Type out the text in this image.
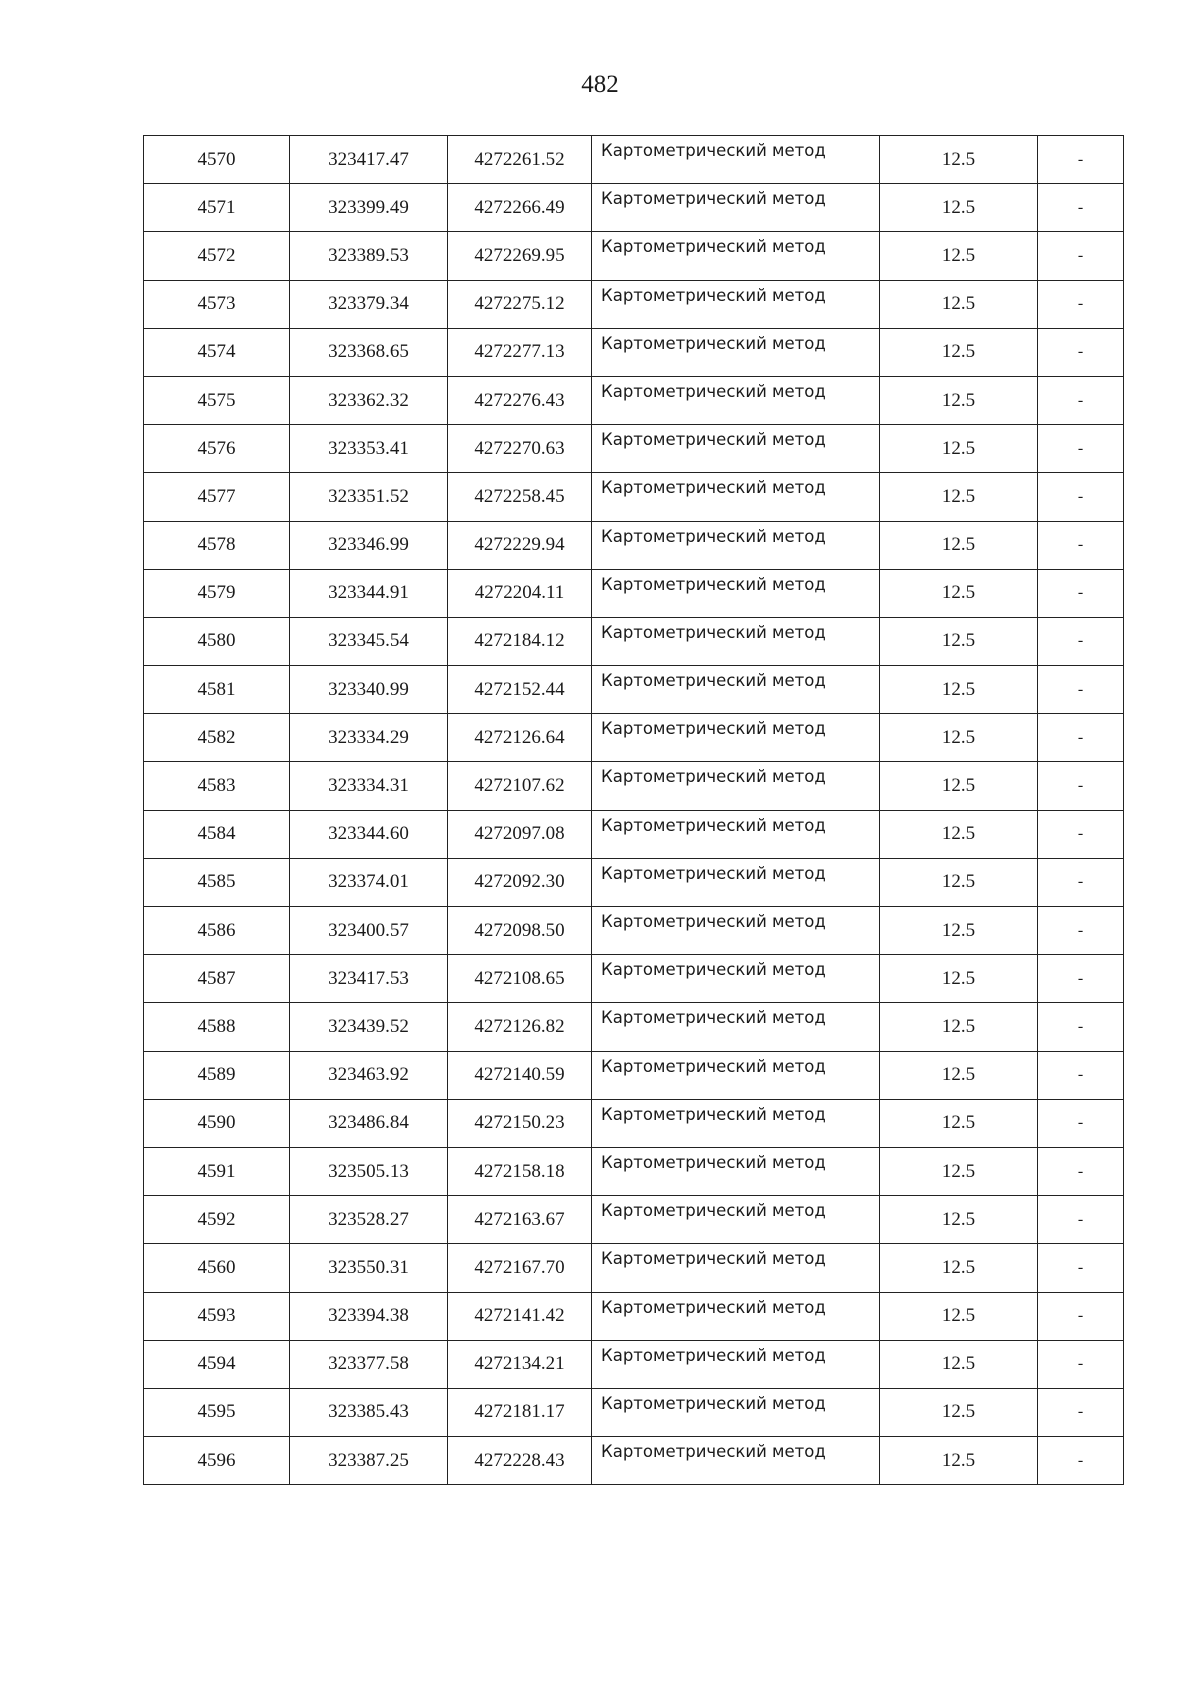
482
4570	323417.47	4272261.52	Картометрический метод	12.5	-
4571	323399.49	4272266.49	Картометрический метод	12.5	-
4572	323389.53	4272269.95	Картометрический метод	12.5	-
4573	323379.34	4272275.12	Картометрический метод	12.5	-
4574	323368.65	4272277.13	Картометрический метод	12.5	-
4575	323362.32	4272276.43	Картометрический метод	12.5	-
4576	323353.41	4272270.63	Картометрический метод	12.5	-
4577	323351.52	4272258.45	Картометрический метод	12.5	-
4578	323346.99	4272229.94	Картометрический метод	12.5	-
4579	323344.91	4272204.11	Картометрический метод	12.5	-
4580	323345.54	4272184.12	Картометрический метод	12.5	-
4581	323340.99	4272152.44	Картометрический метод	12.5	-
4582	323334.29	4272126.64	Картометрический метод	12.5	-
4583	323334.31	4272107.62	Картометрический метод	12.5	-
4584	323344.60	4272097.08	Картометрический метод	12.5	-
4585	323374.01	4272092.30	Картометрический метод	12.5	-
4586	323400.57	4272098.50	Картометрический метод	12.5	-
4587	323417.53	4272108.65	Картометрический метод	12.5	-
4588	323439.52	4272126.82	Картометрический метод	12.5	-
4589	323463.92	4272140.59	Картометрический метод	12.5	-
4590	323486.84	4272150.23	Картометрический метод	12.5	-
4591	323505.13	4272158.18	Картометрический метод	12.5	-
4592	323528.27	4272163.67	Картометрический метод	12.5	-
4560	323550.31	4272167.70	Картометрический метод	12.5	-
4593	323394.38	4272141.42	Картометрический метод	12.5	-
4594	323377.58	4272134.21	Картометрический метод	12.5	-
4595	323385.43	4272181.17	Картометрический метод	12.5	-
4596	323387.25	4272228.43	Картометрический метод	12.5	-
